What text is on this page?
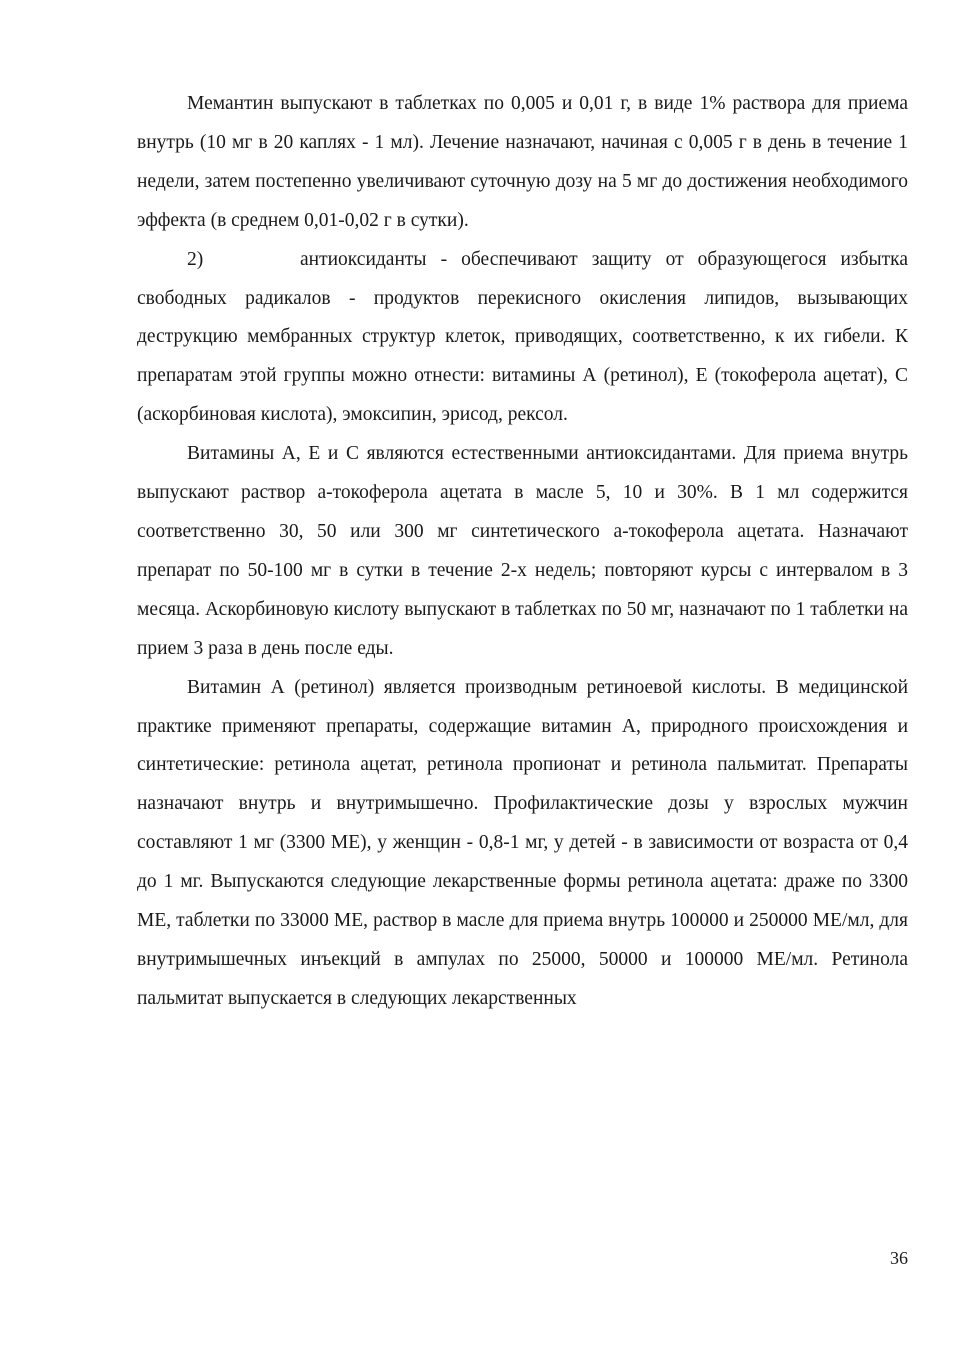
Мемантин выпускают в таблетках по 0,005 и 0,01 г, в виде 1% раствора для приема внутрь (10 мг в 20 каплях - 1 мл). Лечение назначают, начиная с 0,005 г в день в течение 1 недели, затем постепенно увеличивают суточную дозу на 5 мг до достижения необходимого эффекта (в среднем 0,01-0,02 г в сутки).

2)	антиоксиданты - обеспечивают защиту от образующегося избытка свободных радикалов - продуктов перекисного окисления липидов, вызывающих деструкцию мембранных структур клеток, приводящих, соответственно, к их гибели. К препаратам этой группы можно отнести: витамины А (ретинол), Е (токоферола ацетат), С (аскорбиновая кислота), эмоксипин, эрисод, рексол.

Витамины А, Е и С являются естественными антиоксидантами. Для приема внутрь выпускают раствор а-токоферола ацетата в масле 5, 10 и 30%. В 1 мл содержится соответственно 30, 50 или 300 мг синтетического а-токоферола ацетата. Назначают препарат по 50-100 мг в сутки в течение 2-х недель; повторяют курсы с интервалом в 3 месяца. Аскорбиновую кислоту выпускают в таблетках по 50 мг, назначают по 1 таблетки на прием 3 раза в день после еды.

Витамин А (ретинол) является производным ретиноевой кислоты. В медицинской практике применяют препараты, содержащие витамин А, природного происхождения и синтетические: ретинола ацетат, ретинола пропионат и ретинола пальмитат. Препараты назначают внутрь и внутримышечно. Профилактические дозы у взрослых мужчин составляют 1 мг (3300 МЕ), у женщин - 0,8-1 мг, у детей - в зависимости от возраста от 0,4 до 1 мг. Выпускаются следующие лекарственные формы ретинола ацетата: драже по 3300 МЕ, таблетки по 33000 МЕ, раствор в масле для приема внутрь 100000 и 250000 МЕ/мл, для внутримышечных инъекций в ампулах по 25000, 50000 и 100000 МЕ/мл. Ретинола пальмитат выпускается в следующих лекарственных

36
